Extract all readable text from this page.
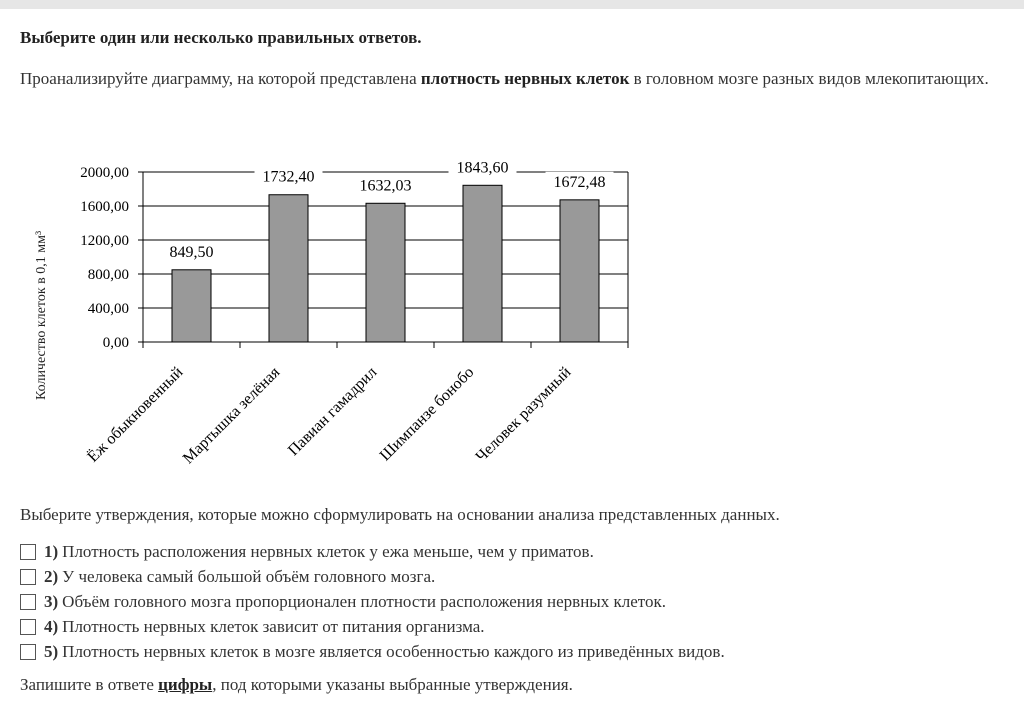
Выберите один или несколько правильных ответов.
Проанализируйте диаграмму, на которой представлена плотность нервных клеток в головном мозге разных видов млекопитающих.
0,00
400,00
800,00
1200,00
1600,00
2000,00
849,50
1732,40
1632,03
1843,60
1672,48
Ёж обыкновенный
Мартышка зелёная Павиан гамадрил
Шимпанзе бонобо
Человек разумный
Количество клеток в 0,1 мм³
Выберите утверждения, которые можно сформулировать на основании анализа представленных данных.
1) Плотность расположения нервных клеток у ежа меньше, чем у приматов.
2) У человека самый большой объём головного мозга.
3) Объём головного мозга пропорционален плотности расположения нервных клеток.
4) Плотность нервных клеток зависит от питания организма.
5) Плотность нервных клеток в мозге является особенностью каждого из приведённых видов.
Запишите в ответе цифры, под которыми указаны выбранные утверждения.
